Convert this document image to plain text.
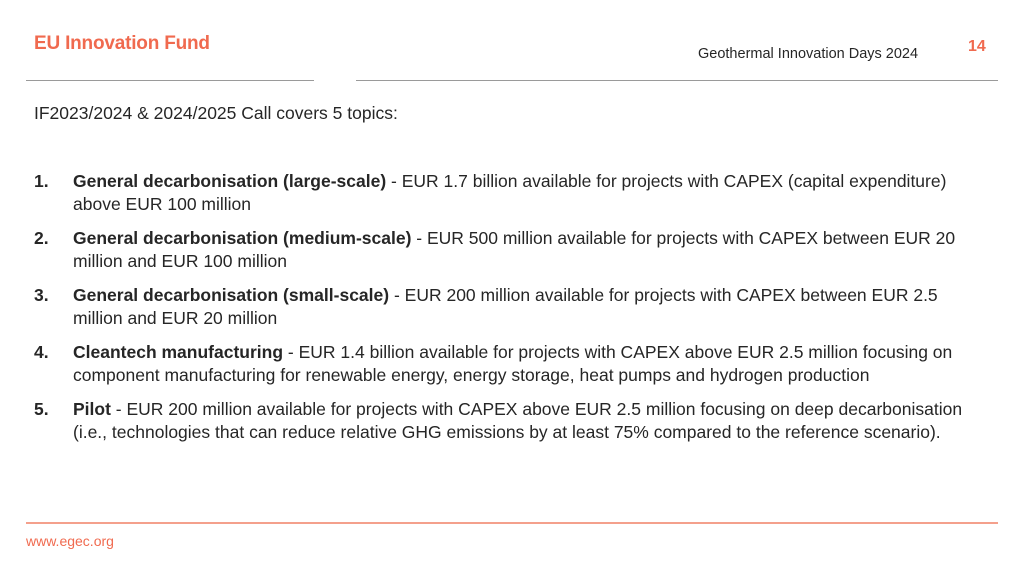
EU Innovation Fund	Geothermal Innovation Days 2024	14
IF2023/2024 & 2024/2025 Call covers 5 topics:
1. General decarbonisation (large-scale) - EUR 1.7 billion available for projects with CAPEX (capital expenditure) above EUR 100 million
2. General decarbonisation (medium-scale) - EUR 500 million available for projects with CAPEX between EUR 20 million and EUR 100 million
3. General decarbonisation (small-scale) - EUR 200 million available for projects with CAPEX between EUR 2.5 million and EUR 20 million
4. Cleantech manufacturing - EUR 1.4 billion available for projects with CAPEX above EUR 2.5 million focusing on component manufacturing for renewable energy, energy storage, heat pumps and hydrogen production
5. Pilot - EUR 200 million available for projects with CAPEX above EUR 2.5 million focusing on deep decarbonisation (i.e., technologies that can reduce relative GHG emissions by at least 75% compared to the reference scenario).
www.egec.org
